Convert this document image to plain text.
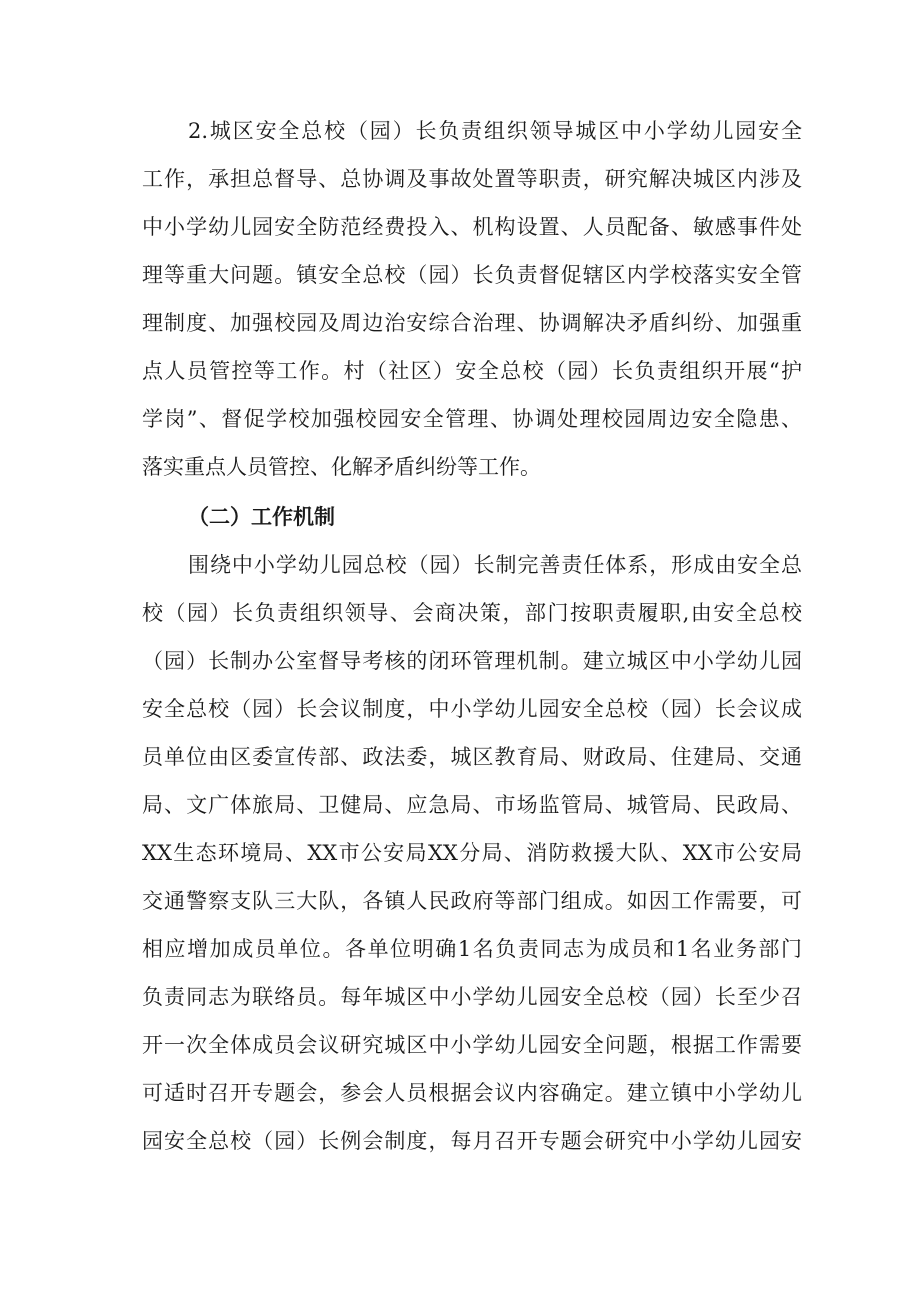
2.城区安全总校（园）长负责组织领导城区中小学幼儿园安全
工作，承担总督导、总协调及事故处置等职责，研究解决城区内涉及
中小学幼儿园安全防范经费投入、机构设置、人员配备、敏感事件处
理等重大问题。镇安全总校（园）长负责督促辖区内学校落实安全管
理制度、加强校园及周边治安综合治理、协调解决矛盾纠纷、加强重
点人员管控等工作。村（社区）安全总校（园）长负责组织开展“护
学岗”、督促学校加强校园安全管理、协调处理校园周边安全隐患、
落实重点人员管控、化解矛盾纠纷等工作。
（二）工作机制
围绕中小学幼儿园总校（园）长制完善责任体系，形成由安全总
校（园）长负责组织领导、会商决策，部门按职责履职,由安全总校
（园）长制办公室督导考核的闭环管理机制。建立城区中小学幼儿园
安全总校（园）长会议制度，中小学幼儿园安全总校（园）长会议成
员单位由区委宣传部、政法委，城区教育局、财政局、住建局、交通
局、文广体旅局、卫健局、应急局、市场监管局、城管局、民政局、
XX生态环境局、XX市公安局XX分局、消防救援大队、XX市公安局
交通警察支队三大队，各镇人民政府等部门组成。如因工作需要，可
相应增加成员单位。各单位明确1名负责同志为成员和1名业务部门
负责同志为联络员。每年城区中小学幼儿园安全总校（园）长至少召
开一次全体成员会议研究城区中小学幼儿园安全问题，根据工作需要
可适时召开专题会，参会人员根据会议内容确定。建立镇中小学幼儿
园安全总校（园）长例会制度，每月召开专题会研究中小学幼儿园安
